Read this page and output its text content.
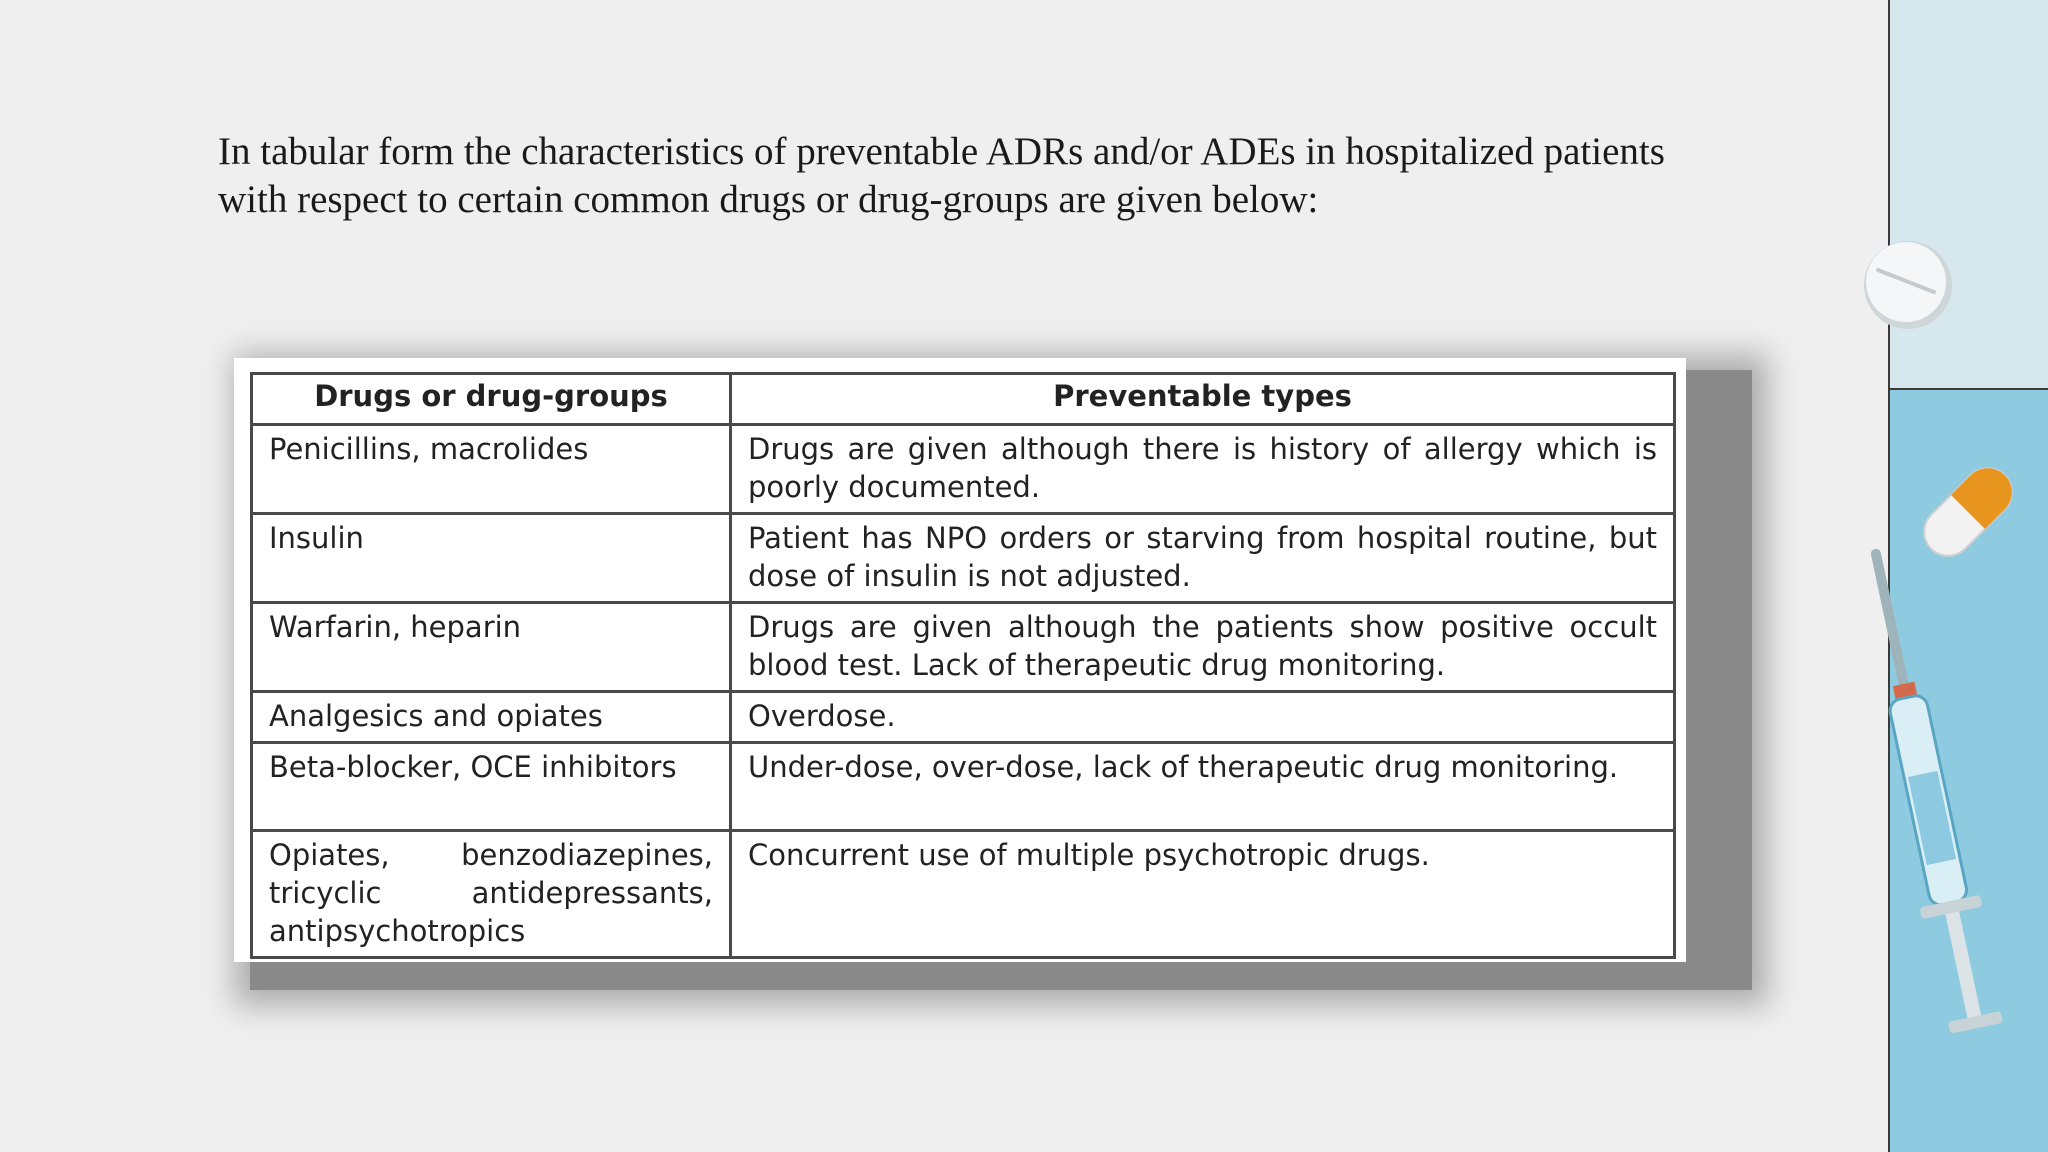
In tabular form the characteristics of preventable ADRs and/or ADEs in hospitalized patients
with respect to certain common drugs or drug-groups are given below:
Drugs or drug-groups	Preventable types
Penicillins, macrolides	Drugs are given although there is history of allergy which is poorly documented.
Insulin	Patient has NPO orders or starving from hospital routine, but dose of insulin is not adjusted.
Warfarin, heparin	Drugs are given although the patients show positive occult blood test. Lack of therapeutic drug monitoring.
Analgesics and opiates	Overdose.
Beta-blocker, OCE inhibitors	Under-dose, over-dose, lack of therapeutic drug monitoring.
Opiates, benzodiazepines, tricyclic antidepressants, antipsychotropics	Concurrent use of multiple psychotropic drugs.
